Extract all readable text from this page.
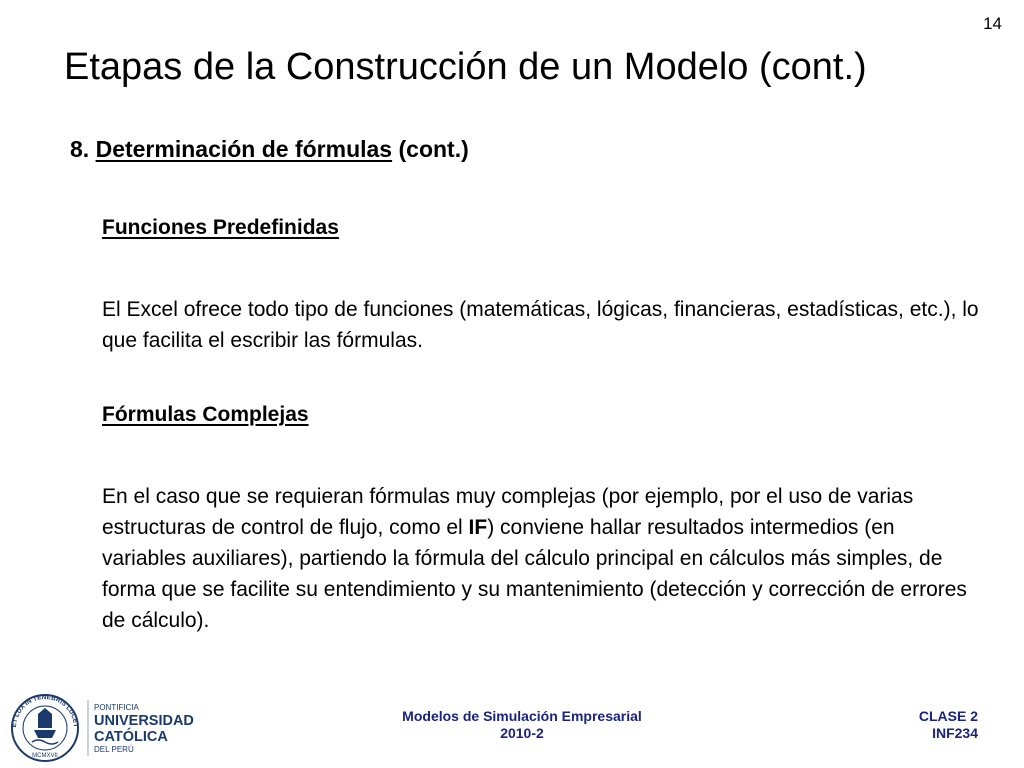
14
Etapas de la Construcción de un Modelo (cont.)
8. Determinación de fórmulas (cont.)
Funciones Predefinidas

El Excel ofrece todo tipo de funciones (matemáticas, lógicas, financieras, estadísticas, etc.), lo que facilita el escribir las fórmulas.

Fórmulas Complejas

En el caso que se requieran fórmulas muy complejas (por ejemplo, por el uso de varias estructuras de control de flujo, como el IF) conviene hallar resultados intermedios (en variables auxiliares), partiendo la fórmula del cálculo principal en cálculos más simples, de forma que se facilite su entendimiento y su mantenimiento (detección y corrección de errores de cálculo).

ET LUX IN TENEBRIS LUCET
MCMXVII
PONTIFICIA
UNIVERSIDAD
CATÓLICA
DEL PERÚ
Modelos de Simulación Empresarial
2010-2
CLASE 2
INF234
